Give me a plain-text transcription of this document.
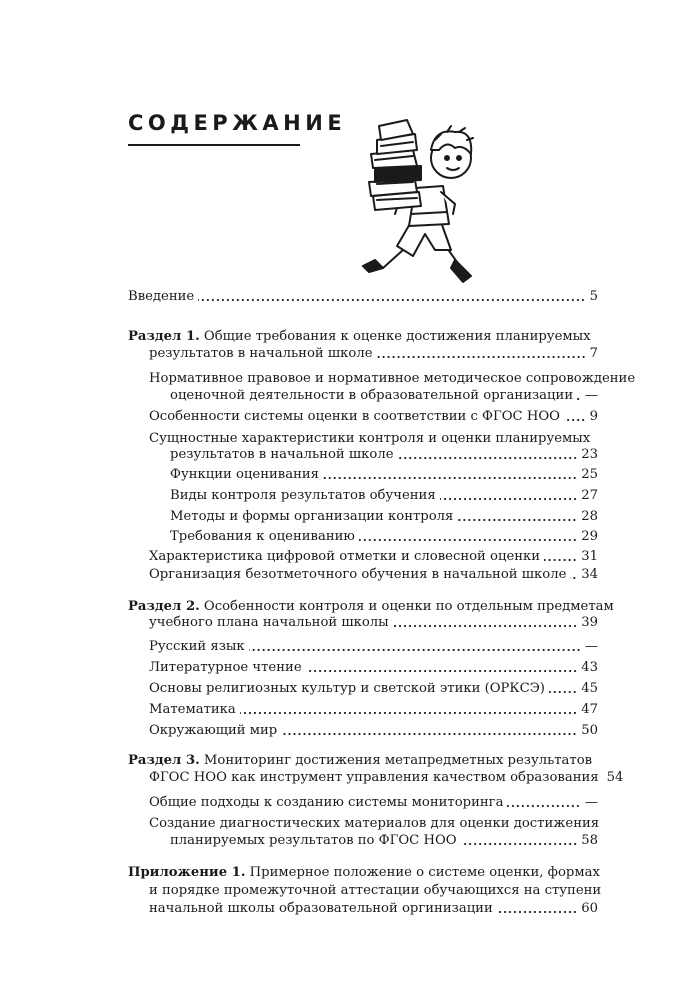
СОДЕРЖАНИЕ
Введение	5
Раздел 1. Общие требования к оценке достижения планируемых
результатов в начальной школе	7
Нормативное правовое и нормативное методическое сопровождение
оценочной деятельности в образовательной организации —
Особенности системы оценки в соответствии с ФГОС НОО 9
Сущностные характеристики контроля и оценки планируемых
результатов в начальной школе	23
Функции оценивания	25
Виды контроля результатов обучения	27
Методы и формы организации контроля	28
Требования к оцениванию	29
Характеристика цифровой отметки и словесной оценки	31
Организация безотметочного обучения в начальной школе 34
Раздел 2. Особенности контроля и оценки по отдельным предметам
учебного плана начальной школы	39
Русский язык	—
Литературное чтение	43
Основы религиозных культур и светской этики (ОРКСЭ)	45
Математика	47
Окружающий мир	50
Раздел 3. Мониторинг достижения метапредметных результатов
ФГОС НОО как инструмент управления качеством образования 54
Общие подходы к созданию системы мониторинга	—
Создание диагностических материалов для оценки достижения
планируемых результатов по ФГОС НОО	58
Приложение 1. Примерное положение о системе оценки, формах
и порядке промежуточной аттестации обучающихся на ступени
начальной школы образовательной оргинизации	60
